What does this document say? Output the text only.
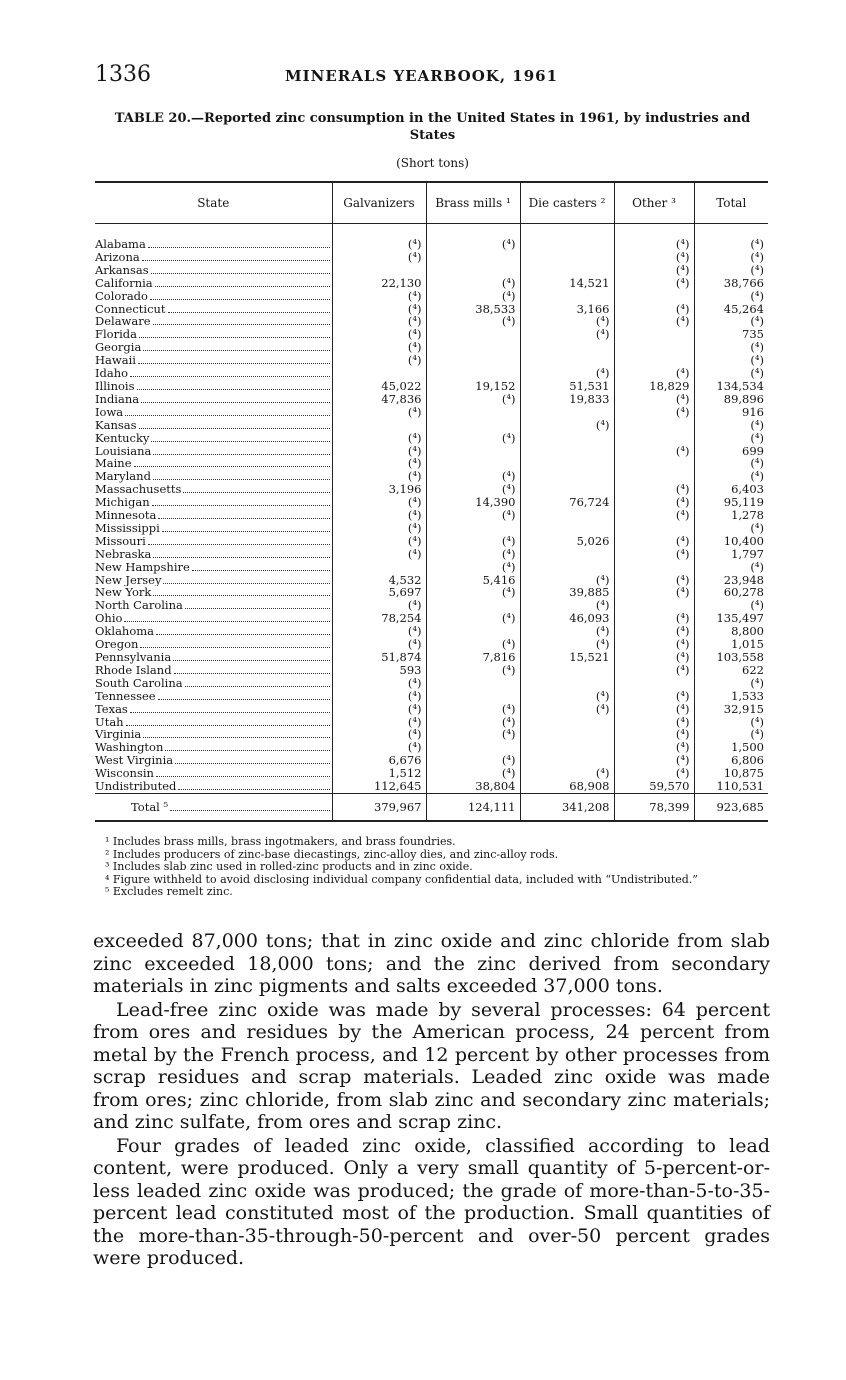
1336	MINERALS YEARBOOK, 1961
TABLE 20.—Reported zinc consumption in the United States in 1961, by industries and States
(Short tons)
State	Galvanizers	Brass mills ¹	Die casters ²	Other ³	Total

Alabama	(⁴)	(⁴)		(⁴)	(⁴)

Arizona	(⁴)			(⁴)	(⁴)

Arkansas				(⁴)	(⁴)

California	22,130	(⁴)	14,521	(⁴)	38,766

Colorado	(⁴)	(⁴)			(⁴)

Connecticut	(⁴)	38,533	3,166	(⁴)	45,264

Delaware	(⁴)	(⁴)	(⁴)	(⁴)	(⁴)

Florida	(⁴)		(⁴)		735

Georgia	(⁴)				(⁴)

Hawaii	(⁴)				(⁴)

Idaho			(⁴)	(⁴)	(⁴)

Illinois	45,022	19,152	51,531	18,829	134,534

Indiana	47,836	(⁴)	19,833	(⁴)	89,896

Iowa	(⁴)			(⁴)	916

Kansas			(⁴)		(⁴)

Kentucky	(⁴)	(⁴)			(⁴)

Louisiana	(⁴)			(⁴)	699

Maine	(⁴)				(⁴)

Maryland	(⁴)	(⁴)			(⁴)

Massachusetts	3,196	(⁴)		(⁴)	6,403

Michigan	(⁴)	14,390	76,724	(⁴)	95,119

Minnesota	(⁴)	(⁴)		(⁴)	1,278

Mississippi	(⁴)				(⁴)

Missouri	(⁴)	(⁴)	5,026	(⁴)	10,400

Nebraska	(⁴)	(⁴)		(⁴)	1,797

New Hampshire		(⁴)			(⁴)

New Jersey	4,532	5,416	(⁴)	(⁴)	23,948

New York	5,697	(⁴)	39,885	(⁴)	60,278

North Carolina	(⁴)		(⁴)		(⁴)

Ohio	78,254	(⁴)	46,093	(⁴)	135,497

Oklahoma	(⁴)		(⁴)	(⁴)	8,800

Oregon	(⁴)	(⁴)	(⁴)	(⁴)	1,015

Pennsylvania	51,874	7,816	15,521	(⁴)	103,558

Rhode Island	593	(⁴)		(⁴)	622

South Carolina	(⁴)				(⁴)

Tennessee	(⁴)		(⁴)	(⁴)	1,533

Texas	(⁴)	(⁴)	(⁴)	(⁴)	32,915

Utah	(⁴)	(⁴)		(⁴)	(⁴)

Virginia	(⁴)	(⁴)		(⁴)	(⁴)

Washington	(⁴)			(⁴)	1,500

West Virginia	6,676	(⁴)		(⁴)	6,806

Wisconsin	1,512	(⁴)	(⁴)	(⁴)	10,875

Undistributed	112,645	38,804	68,908	59,570	110,531

Total ⁵	379,967	124,111	341,208	78,399	923,685

¹ Includes brass mills, brass ingotmakers, and brass foundries.

² Includes producers of zinc-base diecastings, zinc-alloy dies, and zinc-alloy rods.

³ Includes slab zinc used in rolled-zinc products and in zinc oxide.

⁴ Figure withheld to avoid disclosing individual company confidential data, included with “Undistributed.”

⁵ Excludes remelt zinc.

exceeded 87,000 tons; that in zinc oxide and zinc chloride from slab zinc exceeded 18,000 tons; and the zinc derived from secondary materials in zinc pigments and salts exceeded 37,000 tons.

Lead-free zinc oxide was made by several processes: 64 percent from ores and residues by the American process, 24 percent from metal by the French process, and 12 percent by other processes from scrap residues and scrap materials. Leaded zinc oxide was made from ores; zinc chloride, from slab zinc and secondary zinc materials; and zinc sulfate, from ores and scrap zinc.

Four grades of leaded zinc oxide, classified according to lead content, were produced. Only a very small quantity of 5-percent-or-less leaded zinc oxide was produced; the grade of more-than-5-to-35-percent lead constituted most of the production. Small quantities of the more-than-35-through-50-percent and over-50 percent grades were produced.
